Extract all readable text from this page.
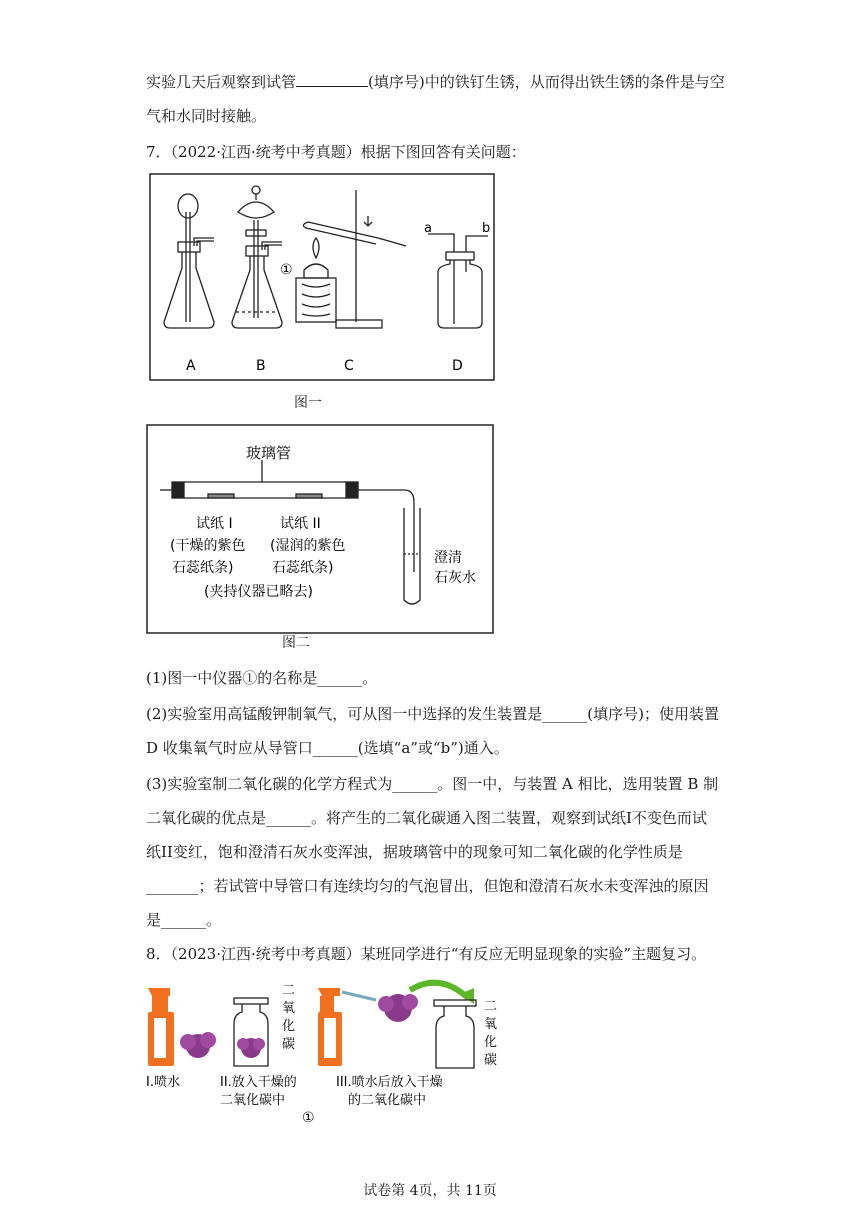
实验几天后观察到试管	(填序号)中的铁钉生锈，从而得出铁生锈的条件是与空
气和水同时接触。
7．（2022·江西·统考中考真题）根据下图回答有关问题：
①
a	b
A	B	C	D
图一
玻璃管
试纸 I
(干燥的紫色
石蕊纸条)
试纸 II
(湿润的紫色
石蕊纸条)
(夹持仪器已略去)
澄清
石灰水
图二
(1)图一中仪器①的名称是______。
(2)实验室用高锰酸钾制氧气，可从图一中选择的发生装置是______(填序号)；使用装置
D 收集氧气时应从导管口______(选填“a”或“b”)通入。
(3)实验室制二氧化碳的化学方程式为______。图一中，与装置 A 相比，选用装置 B 制
二氧化碳的优点是______。将产生的二氧化碳通入图二装置，观察到试纸I不变色而试
纸II变红，饱和澄清石灰水变浑浊，据玻璃管中的现象可知二氧化碳的化学性质是
_______；若试管中导管口有连续均匀的气泡冒出，但饱和澄清石灰水未变浑浊的原因
是______。
8．（2023·江西·统考中考真题）某班同学进行“有反应无明显现象的实验”主题复习。
二
氧
化
碳
二
氧
化
碳
I.喷水	II.放入干燥的
二氧化碳中
III.喷水后放入干燥
的二氧化碳中
①
试卷第 4页，共 11页
